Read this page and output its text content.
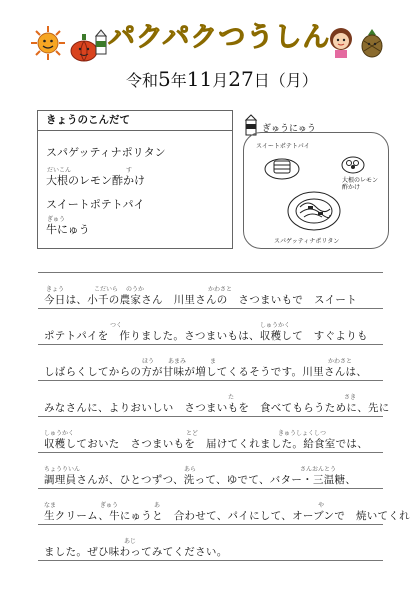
パクパクつうしん
令和5年11月27日（月）
きょうのこんだて
スパゲッティナポリタン
だいこん	す
大根のレモン酢かけ
スイートポテトパイ
ぎゅう
牛にゅう
ぎゅうにゅう
スイートポテトパイ
大根のレモン酢かけ
スパゲッティナポリタン
きょう	こだいら のうか	かわさと
今日は、小千の農家さん　川里さんの　さつまいもで　スイート
つく	しゅうかく
ポテトパイを　作りました。さつまいもは、収穫して　すぐよりも
ほう あまみ	ま	かわさと
しばらくしてからの方が甘味が増してくるそうです。川里さんは、
た	さき
みなさんに、よりおいしい　さつまいもを　食べてもらうために、先に
しゅうかく	とど	きゅうしょくしつ
収穫しておいた　さつまいもを　届けてくれました。給食室では、
ちょうりいん	あら	さんおんとう
調理員さんが、ひとつずつ、洗って、ゆでて、バター・三温糖、
なま	ぎゅう	あ	や
生クリーム、牛にゅうと　合わせて、パイにして、オーブンで　焼いてくれ
あじ
ました。ぜひ味わってみてください。
